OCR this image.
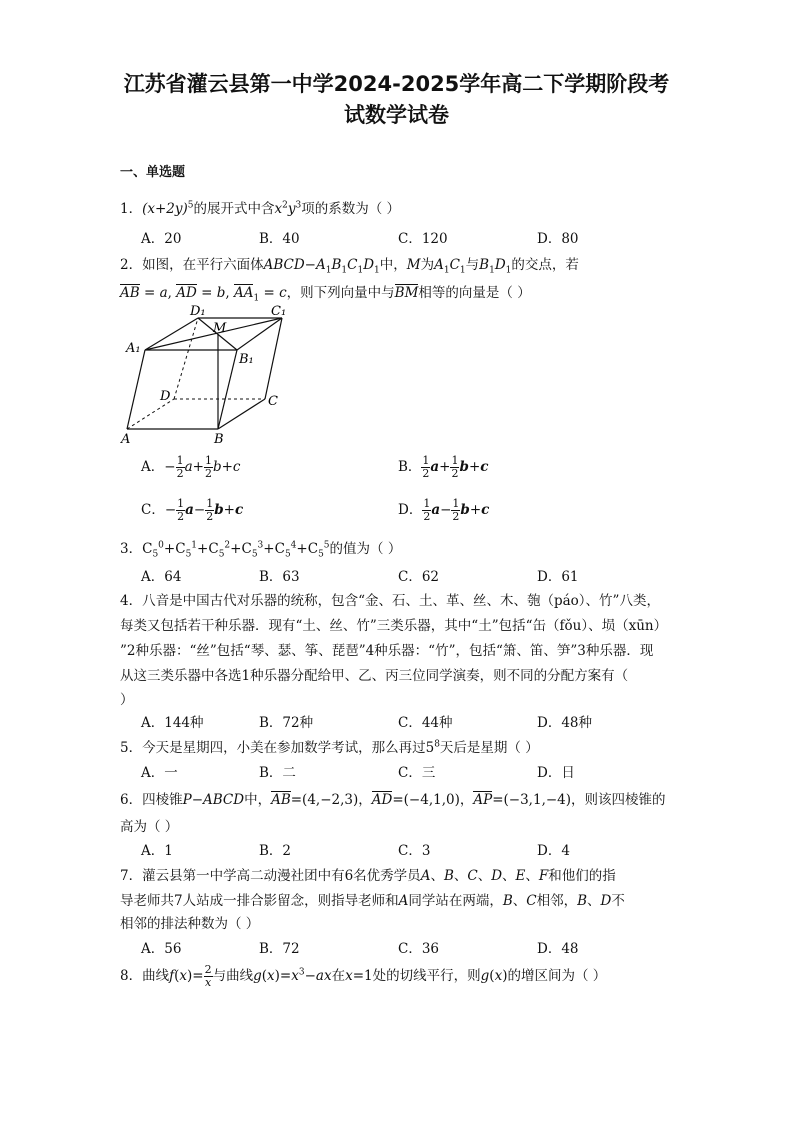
江苏省灌云县第一中学2024-2025学年高二下学期阶段考
试数学试卷
一、单选题
1．$(x+2y)^5$的展开式中含$x^2y^3$项的系数为（ ）
A．20	B．40	C．120	D．80
2．如图，在平行六面体$ABCD-A_1B_1C_1D_1$中，M为$A_1C_1$与$B_1D_1$的交点，若
AB = a, AD = b, $AA_1 = c$，则下列向量中与BM相等的向量是（ ）
D₁
M
C₁
A₁
B₁
D	C
A	B
A．− $\frac{1}{2} a+ \frac{1}{2} b+c$	B． $\frac{1}{2} a+ \frac{1}{2} b+c$
C．− $\frac{1}{2} a- \frac{1}{2} b+c$	D． $\frac{1}{2} a- \frac{1}{2} b+c$
3．$C_5^0+C_5^1+C_5^2+C_5^3+C_5^4+C_5^5$的值为（ ）
A．64	B．63	C．62	D．61
4．八音是中国古代对乐器的统称，包含“金、石、土、革、丝、木、匏（páo）、竹”八类，
每类又包括若干种乐器．现有“土、丝、竹”三类乐器，其中“土”包括“缶（fǒu）、埙（xūn）
”2种乐器：“丝”包括“琴、瑟、筝、琵琶”4种乐器：“竹”，包括“箫、笛、笋”3种乐器．现
从这三类乐器中各选1种乐器分配给甲、乙、丙三位同学演奏，则不同的分配方案有（
）
A．144种	B．72种	C．44种	D．48种
5．今天是星期四，小美在参加数学考试，那么再过$5^8$天后是星期（ ）
A．一	B．二	C．三	D．日
6．四棱锥P−ABCD中，AB=(4,−2,3)，AD=(−4,1,0)，AP=(−3,1,−4)，则该四棱锥的
高为（ ）
A．1	B．2	C．3	D．4
7．灌云县第一中学高二动漫社团中有6名优秀学员A、B、C、D、E、F和他们的指
导老师共7人站成一排合影留念，则指导老师和A同学站在两端，B、C相邻，B、D不
相邻的排法种数为（ ）
A．56	B．72	C．36	D．48
8．曲线$f(x)= \frac{2}{x}$ 与曲线$g(x)=x^3-ax$在x=1处的切线平行，则g(x)的增区间为（ ）
